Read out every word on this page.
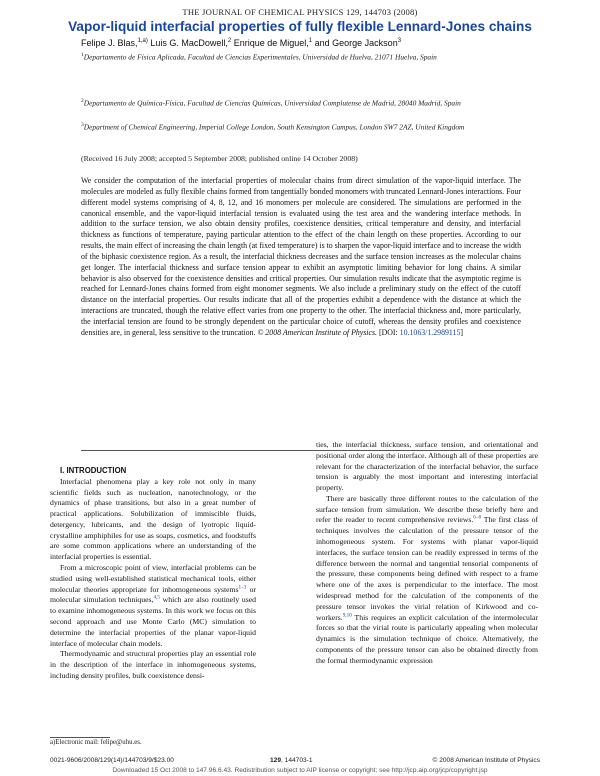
THE JOURNAL OF CHEMICAL PHYSICS 129, 144703 (2008)
Vapor-liquid interfacial properties of fully flexible Lennard-Jones chains
Felipe J. Blas,$^{1,a)}$ Luis G. MacDowell,$^2$ Enrique de Miguel,$^1$ and George Jackson$^3$
$^1$Departamento de Física Aplicada, Facultad de Ciencias Experimentales, Universidad de Huelva, 21071 Huelva, Spain
$^2$Departamento de Química-Física, Facultad de Ciencias Químicas, Universidad Complutense de Madrid, 28040 Madrid, Spain
$^3$Department of Chemical Engineering, Imperial College London, South Kensington Campus, London SW7 2AZ, United Kingdom
(Received 16 July 2008; accepted 5 September 2008; published online 14 October 2008)
We consider the computation of the interfacial properties of molecular chains from direct simulation of the vapor-liquid interface. The molecules are modeled as fully flexible chains formed from tangentially bonded monomers with truncated Lennard-Jones interactions. Four different model systems comprising of 4, 8, 12, and 16 monomers per molecule are considered. The simulations are performed in the canonical ensemble, and the vapor-liquid interfacial tension is evaluated using the test area and the wandering interface methods. In addition to the surface tension, we also obtain density profiles, coexistence densities, critical temperature and density, and interfacial thickness as functions of temperature, paying particular attention to the effect of the chain length on these properties. According to our results, the main effect of increasing the chain length (at fixed temperature) is to sharpen the vapor-liquid interface and to increase the width of the biphasic coexistence region. As a result, the interfacial thickness decreases and the surface tension increases as the molecular chains get longer. The interfacial thickness and surface tension appear to exhibit an asymptotic limiting behavior for long chains. A similar behavior is also observed for the coexistence densities and critical properties. Our simulation results indicate that the asymptotic regime is reached for Lennard-Jones chains formed from eight monomer segments. We also include a preliminary study on the effect of the cutoff distance on the interfacial properties. Our results indicate that all of the properties exhibit a dependence with the distance at which the interactions are truncated, though the relative effect varies from one property to the other. The interfacial thickness and, more particularly, the interfacial tension are found to be strongly dependent on the particular choice of cutoff, whereas the density profiles and coexistence densities are, in general, less sensitive to the truncation. © 2008 American Institute of Physics. [DOI: 10.1063/1.2989115]

I. INTRODUCTION

Interfacial phenomena play a key role not only in many scientific fields such as nucleation, nanotechnology, or the dynamics of phase transitions, but also in a great number of practical applications. Solubilization of immiscible fluids, detergency, lubricants, and the design of lyotropic liquid-crystalline amphiphiles for use as soaps, cosmetics, and foodstuffs are some common applications where an understanding of the interfacial properties is essential.

From a microscopic point of view, interfacial problems can be studied using well-established statistical mechanical tools, either molecular theories appropriate for inhomogeneous systems$^{1-3}$ or molecular simulation techniques,$^{4,5}$ which are also routinely used to examine inhomogeneous systems. In this work we focus on this second approach and use Monte Carlo (MC) simulation to determine the interfacial properties of the planar vapor-liquid interface of molecular chain models.

Thermodynamic and structural properties play an essential role in the description of the interface in inhomogeneous systems, including density profiles, bulk coexistence densi-

ties, the interfacial thickness, surface tension, and orientational and positional order along the interface. Although all of these properties are relevant for the characterization of the interfacial behavior, the surface tension is arguably the most important and interesting interfacial property.

There are basically three different routes to the calculation of the surface tension from simulation. We describe these briefly here and refer the reader to recent comprehensive reviews.$^{6-8}$ The first class of techniques involves the calculation of the pressure tensor of the inhomogeneous system. For systems with planar vapor-liquid interfaces, the surface tension can be readily expressed in terms of the difference between the normal and tangential tensorial components of the pressure, these components being defined with respect to a frame where one of the axes is perpendicular to the interface. The most widespread method for the calculation of the components of the pressure tensor invokes the virial relation of Kirkwood and co-workers.$^{9,10}$ This requires an explicit calculation of the intermolecular forces so that the virial route is particularly appealing when molecular dynamics is the simulation technique of choice. Alternatively, the components of the pressure tensor can also be obtained directly from the formal thermodynamic expression

a)Electronic mail: felipe@uhu.es.
0021-9606/2008/129(14)/144703/9/$23.00	129, 144703-1	© 2008 American Institute of Physics
Downloaded 15 Oct 2008 to 147.96.6.43. Redistribution subject to AIP license or copyright; see http://jcp.aip.org/jcp/copyright.jsp
